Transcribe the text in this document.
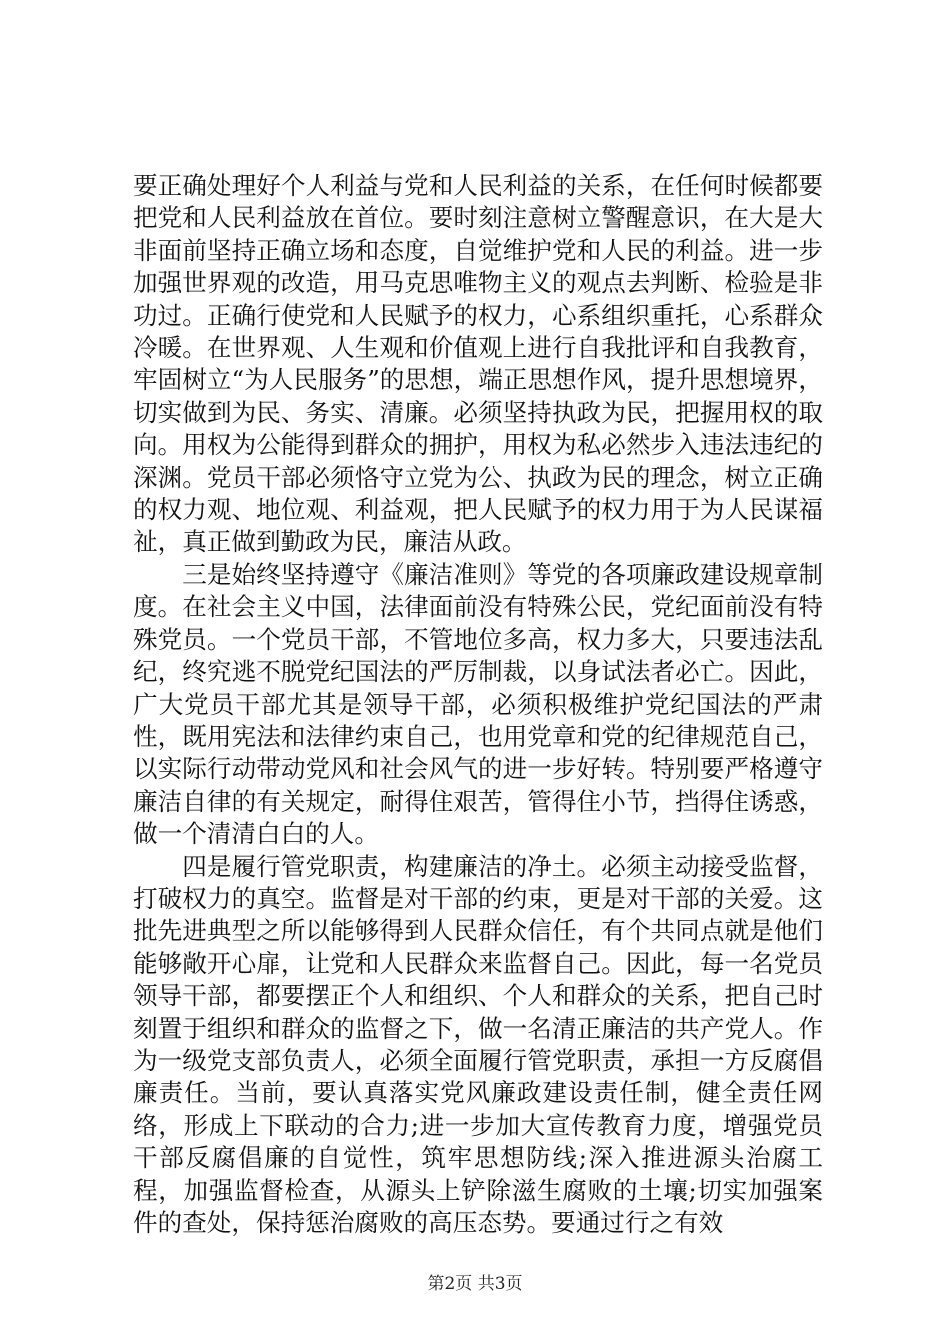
要正确处理好个人利益与党和人民利益的关系，在任何时候都要把党和人民利益放在首位。要时刻注意树立警醒意识，在大是大非面前坚持正确立场和态度，自觉维护党和人民的利益。进一步加强世界观的改造，用马克思唯物主义的观点去判断、检验是非功过。正确行使党和人民赋予的权力，心系组织重托，心系群众冷暖。在世界观、人生观和价值观上进行自我批评和自我教育，牢固树立“为人民服务”的思想，端正思想作风，提升思想境界，切实做到为民、务实、清廉。必须坚持执政为民，把握用权的取向。用权为公能得到群众的拥护，用权为私必然步入违法违纪的深渊。党员干部必须恪守立党为公、执政为民的理念，树立正确的权力观、地位观、利益观，把人民赋予的权力用于为人民谋福祉，真正做到勤政为民，廉洁从政。

三是始终坚持遵守《廉洁准则》等党的各项廉政建设规章制度。在社会主义中国，法律面前没有特殊公民，党纪面前没有特殊党员。一个党员干部，不管地位多高，权力多大，只要违法乱纪，终究逃不脱党纪国法的严厉制裁，以身试法者必亡。因此，广大党员干部尤其是领导干部，必须积极维护党纪国法的严肃性，既用宪法和法律约束自己，也用党章和党的纪律规范自己，以实际行动带动党风和社会风气的进一步好转。特别要严格遵守廉洁自律的有关规定，耐得住艰苦，管得住小节，挡得住诱惑，做一个清清白白的人。

四是履行管党职责，构建廉洁的净土。必须主动接受监督，打破权力的真空。监督是对干部的约束，更是对干部的关爱。这批先进典型之所以能够得到人民群众信任，有个共同点就是他们能够敞开心扉，让党和人民群众来监督自己。因此，每一名党员领导干部，都要摆正个人和组织、个人和群众的关系，把自己时刻置于组织和群众的监督之下，做一名清正廉洁的共产党人。作为一级党支部负责人，必须全面履行管党职责，承担一方反腐倡廉责任。当前，要认真落实党风廉政建设责任制，健全责任网络，形成上下联动的合力;进一步加大宣传教育力度，增强党员干部反腐倡廉的自觉性，筑牢思想防线;深入推进源头治腐工程，加强监督检查，从源头上铲除滋生腐败的土壤;切实加强案件的查处，保持惩治腐败的高压态势。要通过行之有效

第2页 共3页
